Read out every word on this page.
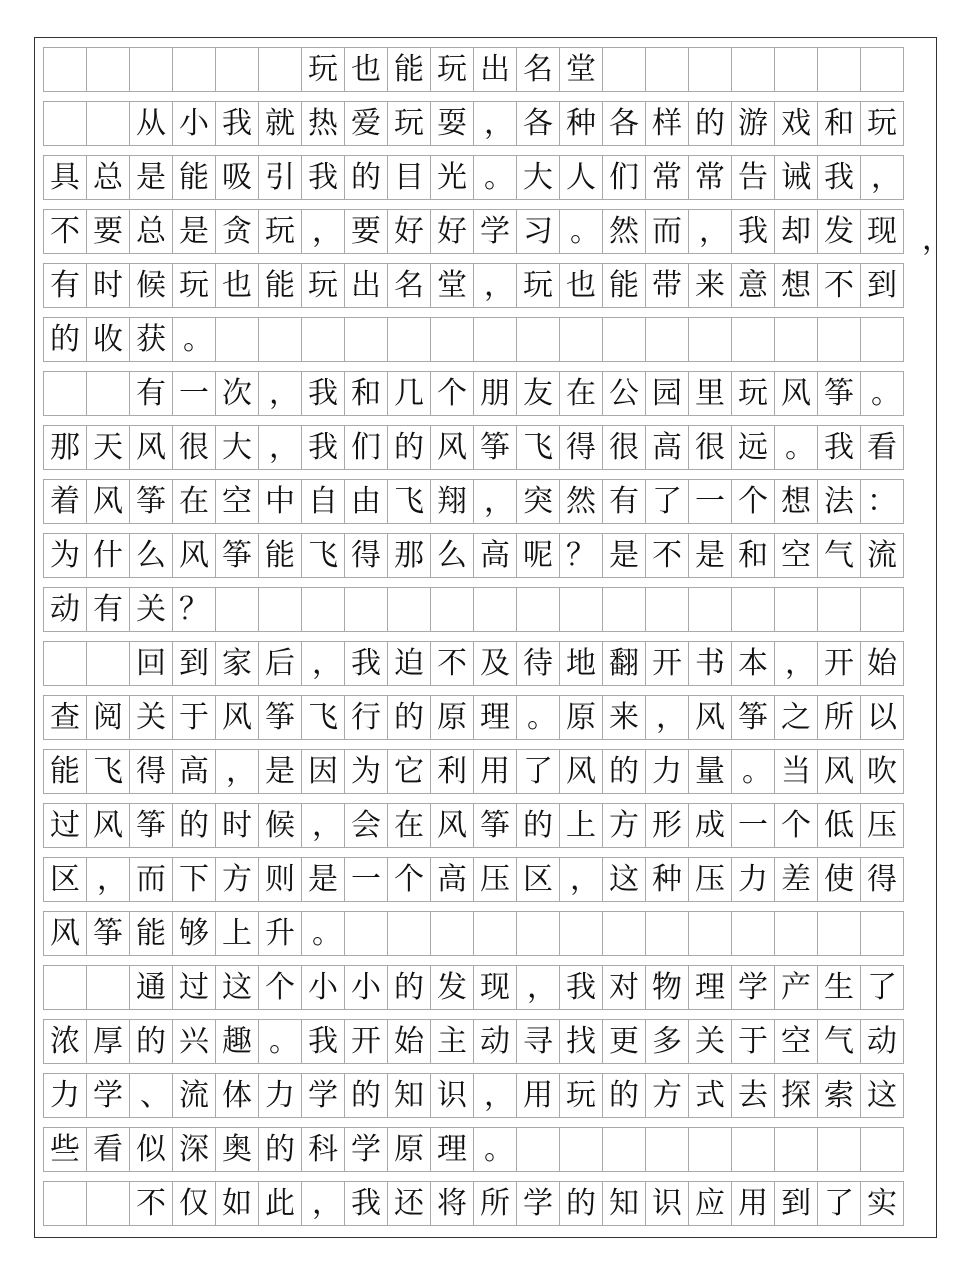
玩 也 能 玩 出 名 堂
从 小 我 就 热 爱 玩 耍 ， 各 种 各 样 的 游 戏 和 玩
具 总 是 能 吸 引 我 的 目 光 。 大 人 们 常 常 告 诫 我 ，
不 要 总 是 贪 玩 ， 要 好 好 学 习 。 然 而 ， 我 却 发 现
有 时 候 玩 也 能 玩 出 名 堂 ， 玩 也 能 带 来 意 想 不 到
的 收 获 。
有 一 次 ， 我 和 几 个 朋 友 在 公 园 里 玩 风 筝 。
那 天 风 很 大 ， 我 们 的 风 筝 飞 得 很 高 很 远 。 我 看
着 风 筝 在 空 中 自 由 飞 翔 ， 突 然 有 了 一 个 想 法 ：
为 什 么 风 筝 能 飞 得 那 么 高 呢 ？ 是 不 是 和 空 气 流
动 有 关 ？
回 到 家 后 ， 我 迫 不 及 待 地 翻 开 书 本 ， 开 始
查 阅 关 于 风 筝 飞 行 的 原 理 。 原 来 ， 风 筝 之 所 以
能 飞 得 高 ， 是 因 为 它 利 用 了 风 的 力 量 。 当 风 吹
过 风 筝 的 时 候 ， 会 在 风 筝 的 上 方 形 成 一 个 低 压
区 ， 而 下 方 则 是 一 个 高 压 区 ， 这 种 压 力 差 使 得
风 筝 能 够 上 升 。
通 过 这 个 小 小 的 发 现 ， 我 对 物 理 学 产 生 了
浓 厚 的 兴 趣 。 我 开 始 主 动 寻 找 更 多 关 于 空 气 动
力 学 、 流 体 力 学 的 知 识 ， 用 玩 的 方 式 去 探 索 这
些 看 似 深 奥 的 科 学 原 理 。
不 仅 如 此 ， 我 还 将 所 学 的 知 识 应 用 到 了 实
，
